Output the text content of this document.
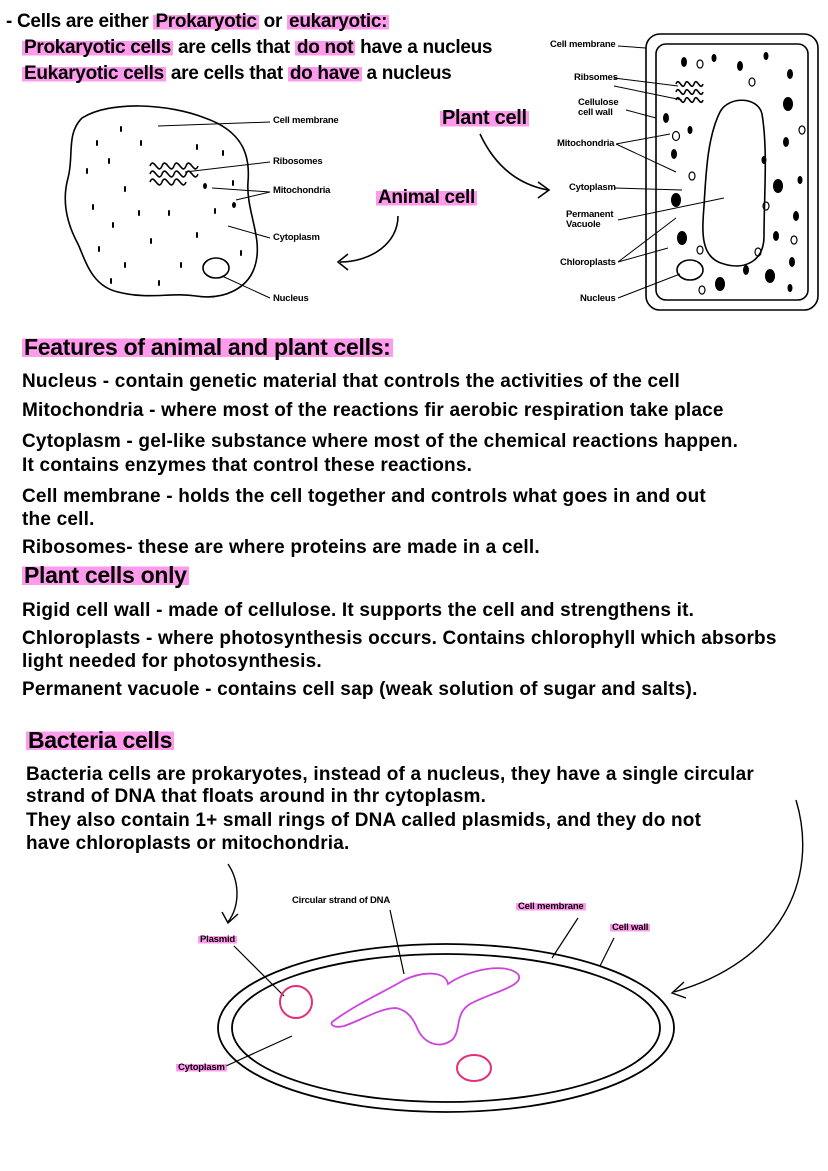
- Cells are either Prokaryotic or eukaryotic:
Prokaryotic cells are cells that do not have a nucleus
Eukaryotic cells are cells that do have a nucleus
Cell membrane
Ribosomes
Mitochondria
Cytoplasm
Nucleus
Animal cell
Plant cell
Cell membrane
Ribsomes
Cellulose
cell wall
Mitochondria
Cytoplasm
Permanent
Vacuole
Chloroplasts
Nucleus
Features of animal and plant cells:
Nucleus - contain genetic material that controls the activities of the cell
Mitochondria - where most of the reactions fir aerobic respiration take place
Cytoplasm - gel-like substance where most of the chemical reactions happen.
It contains enzymes that control these reactions.
Cell membrane - holds the cell together and controls what goes in and out
the cell.
Ribosomes- these are where proteins are made in a cell.
Plant cells only
Rigid cell wall - made of cellulose. It supports the cell and strengthens it.
Chloroplasts - where photosynthesis occurs. Contains chlorophyll which absorbs
light needed for photosynthesis.
Permanent vacuole - contains cell sap (weak solution of sugar and salts).
Bacteria cells
Bacteria cells are prokaryotes, instead of a nucleus, they have a single circular
strand of DNA that floats around in thr cytoplasm.
They also contain 1+ small rings of DNA called plasmids, and they do not
have chloroplasts or mitochondria.
Circular strand of DNA
Cell membrane
Cell wall
Plasmid
Cytoplasm
